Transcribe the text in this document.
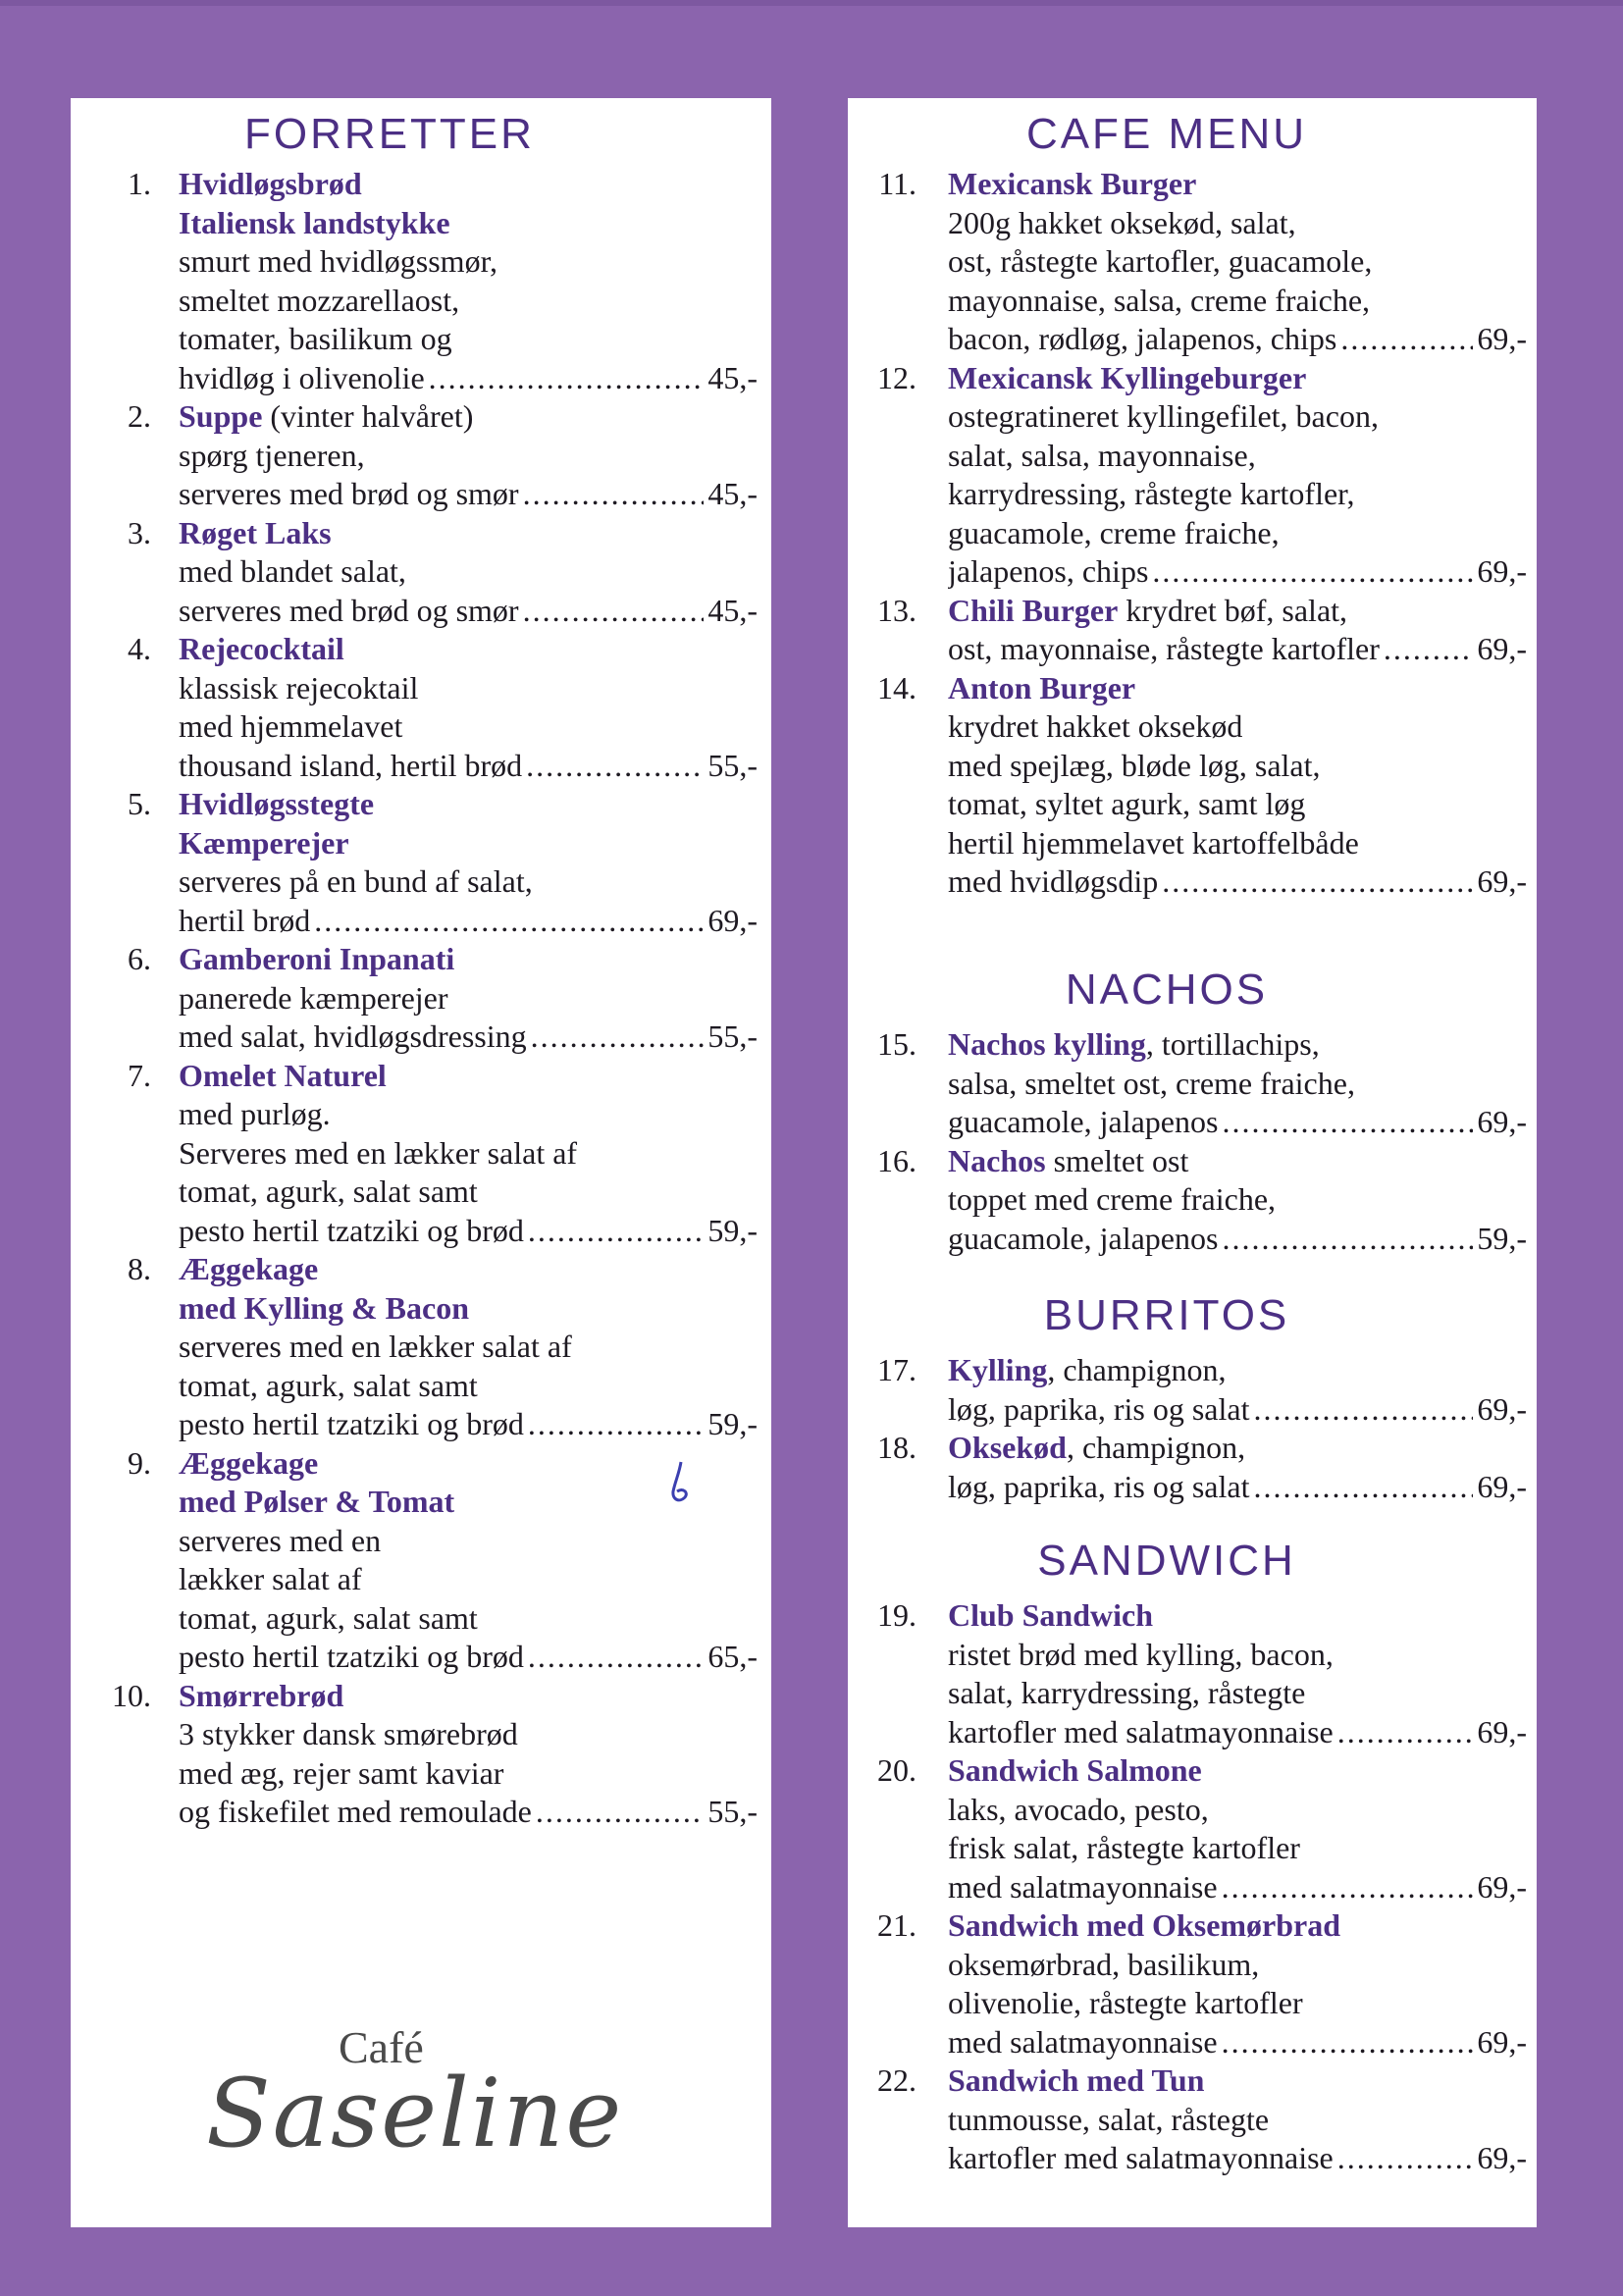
FORRETTER
1. Hvidløgsbrød
Italiensk landstykke
smurt med hvidløgssmør,
smeltet mozzarellaost,
tomater, basilikum og
hvidløg i olivenolie .....	45,-
2. Suppe (vinter halvåret)
spørg tjeneren,
serveres med brød og smør .....	45,-
3. Røget Laks
med blandet salat,
serveres med brød og smør .....	45,-
4. Rejecocktail
klassisk rejecoktail
med hjemmelavet
thousand island, hertil brød .....	55,-
5. Hvidløgsstegte
Kæmperejer
serveres på en bund af salat,
hertil brød .....	69,-
6. Gamberoni Inpanati
panerede kæmperejer
med salat, hvidløgsdressing .....	55,-
7. Omelet Naturel
med purløg.
Serveres med en lækker salat af
tomat, agurk, salat samt
pesto hertil tzatziki og brød .....	59,-
8. Æggekage
med Kylling & Bacon
serveres med en lækker salat af
tomat, agurk, salat samt
pesto hertil tzatziki og brød .....	59,-
9. Æggekage
med Pølser & Tomat
serveres med en
lækker salat af
tomat, agurk, salat samt
pesto hertil tzatziki og brød .....	65,-
10. Smørrebrød
3 stykker dansk smørebrød
med æg, rejer samt kaviar
og fiskefilet med remoulade .....	55,-
CAFE MENU
NACHOS
BURRITOS
SANDWICH
11. Mexicansk Burger
200g hakket oksekød, salat,
ost, råstegte kartofler, guacamole,
mayonnaise, salsa, creme fraiche,
bacon, rødløg, jalapenos, chips .....	69,-
12. Mexicansk Kyllingeburger
ostegratineret kyllingefilet, bacon,
salat, salsa, mayonnaise,
karrydressing, råstegte kartofler,
guacamole, creme fraiche,
jalapenos, chips .....	69,-
13. Chili Burger krydret bøf, salat,
ost, mayonnaise, råstegte kartofler .....	69,-
14. Anton Burger
krydret hakket oksekød
med spejlæg, bløde løg, salat,
tomat, syltet agurk, samt løg
hertil hjemmelavet kartoffelbåde
med hvidløgsdip .....	69,-
15. Nachos kylling, tortillachips,
salsa, smeltet ost, creme fraiche,
guacamole, jalapenos .....	69,-
16. Nachos smeltet ost
toppet med creme fraiche,
guacamole, jalapenos .....	59,-
17. Kylling, champignon,
løg, paprika, ris og salat .....	69,-
18. Oksekød, champignon,
løg, paprika, ris og salat .....	69,-
19. Club Sandwich
ristet brød med kylling, bacon,
salat, karrydressing, råstegte
kartofler med salatmayonnaise .....	69,-
20. Sandwich Salmone
laks, avocado, pesto,
frisk salat, råstegte kartofler
med salatmayonnaise .....	69,-
21. Sandwich med Oksemørbrad
oksemørbrad, basilikum,
olivenolie, råstegte kartofler
med salatmayonnaise .....	69,-
22. Sandwich med Tun
tunmousse, salat, råstegte
kartofler med salatmayonnaise .....	69,-
Café
Saseline
